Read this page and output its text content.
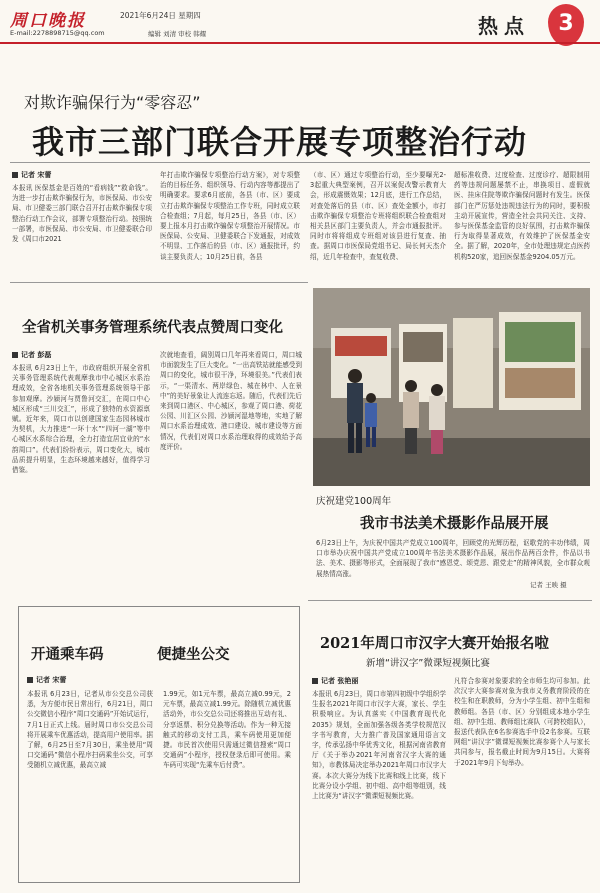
周口晚报	2021年6月24日 星期四
E-mail:2278898715@qq.com	编辑 刘清 审校 韩耀	热点	3
对欺诈骗保行为“零容忍”
我市三部门联合开展专项整治行动
记者 宋蕾
本报讯 医保基金是百姓的“看病钱”“救命钱”。为进一步打击欺诈骗保行为，市医保局、市公安局、市卫健委三部门联合召开打击欺诈骗保专项整治行动工作会议，部署专项整治行动。按照统一部署，市医保局、市公安局、市卫健委联合印发《周口市2021
年打击欺诈骗保专项整治行动方案》，对专项整治的目标任务、组织领导、行动内容等都提出了明确要求。要求6月底前，各县（市、区）要成立打击欺诈骗保专项整治工作专班，同时成立联合检查组；7月起，每月25日，各县（市、区）要上报本月打击欺诈骗保专项整治开展情况。市医保局、公安局、卫健委联合下发通报，对成效不明显、工作落后的县（市、区）通报批评，约谈主要负责人；10月25日前，各县
（市、区）通过专项整治行动，至少要曝光2-3起重大典型案例，召开以案促改警示教育大会，形成震慑效果；12月底，进行工作总结，对查处落后的县（市、区）查处金额小，市打击欺诈骗保专项整治专班将组织联合检查组对相关县区部门主要负责人，并会市通报批评。同时市将将组成专班组对该县进行复查、抽查。据周口市医保局党组书记、局长何天杰介绍，近几年检查中，查复收费、
超标准收费、过度检查、过度诊疗、超限制用药等违规问题屡禁不止，串换项目、虚假就医、挂床住院等欺诈骗保问题时有发生。医保部门在严厉惩处违规违法行为的同时，要积极主动开展宣传，营造全社会共同关注、支持、参与医保基金监管的良好氛围，打击欺诈骗保行为取得显著成效，有效维护了医保基金安全。据了解，2020年，全市处理违规定点医药机构520家，追回医保基金9204.05万元。
全省机关事务管理系统代表点赞周口变化
记者 彭磊
本报讯 6月23日上午，市政府组织开展全省机关事务管理系统代表观摩我市中心城区水系治理成效，全省各地机关事务管理系统领导干部参加观摩。沙颍河与贾鲁河交汇，在周口中心城区形成“三川交汇”，形成了独特的水资源禀赋。近年来，周口市以创建国家生态园林城市为契机，大力推进“一环十水”“四河一湖”等中心城区水系综合治理，全力打造宜居宜业的“水韵周口”。代表们纷纷表示，周口变化大，城市品质提升明显，生态环境越来越好，值得学习借鉴。
次就地查看，阔别周口几年再来看周口，周口城市面貌发生了巨大变化。“一出高铁站就能感受到周口的变化，城市很干净，环境很美。”代表们表示，“一渠清水、两岸绿色、城在林中、人在景中”的美好景象让人流连忘返。随后，代表们先后来到周口港区、中心城区，参观了周口港、荷花公园、川汇区公园、沙颍河湿地等地，实地了解周口水系治理成效、港口建设、城市建设等方面情况，代表们对周口水系治理取得的成效给予高度评价。
庆祝建党100周年
我市书法美术摄影作品展开展
6月23日上午，为庆祝中国共产党成立100周年，回顾党的光辉历程，讴歌党的丰功伟绩，周口市举办庆祝中国共产党成立100周年书法美术摄影作品展，展出作品两百余件，作品以书法、美术、摄影等形式，全面展现了我市“感恩党、颂党恩、跟党走”的精神风貌，全市群众观展热情高涨。
记者 王映 摄
开通乘车码	便捷坐公交
记者 宋蕾
本报讯 6月23日，记者从市公交总公司获悉，为方便市民日常出行，6月21日，周口公交微信小程序“周口交通码”开始试运行，7月1日正式上线。届时周口市公交总公司将开展乘车优惠活动，提高用户使用率。据了解，6月25日至7月30日，乘坐使用“周口交通码”微信小程序扫码乘坐公交，可享受随机立减优惠，最高立减
1.99元，如1元车票，最高立减0.99元，2元车票，最高立减1.99元。除随机立减优惠活动外，市公交总公司还将推出互动有礼、分享返票、积分兑换等活动。作为一种无接触式的移动支付工具，乘车码使用更加便捷。市民首次使用只需通过微信搜索“周口交通码”小程序，授权登录后即可使用。乘车码可实现“先乘车后付费”。
2021年周口市汉字大赛开始报名啦
新增“讲汉字”微课短视频比赛
记者 张艳丽
本报讯 6月23日，周口市第四初级中学组织学生报名2021年周口市汉字大赛，家长、学生积极响应。为认真落实《中国教育现代化2035》规划，全面加强各级各类学校规范汉字书写教育，大力推广普及国家通用语言文字，传承弘扬中华优秀文化，根据河南省教育厅《关于举办2021年河南省汉字大赛的通知》，市教体局决定举办2021年周口市汉字大赛。本次大赛分为线下比赛和线上比赛，线下比赛分设小学组、初中组、高中组等组别，线上比赛为“讲汉字”微课短视频比赛。
凡符合参赛对象要求的全市师生均可参加。此次汉字大赛参赛对象为我市义务教育阶段的在校生和在职教师，分为小学生组、初中生组和教师组。各县（市、区）分别组成本地小学生组、初中生组、教师组比赛队（可跨校组队），报送代表队在6名参赛选手中设2名参赛。互联网组“讲汉字”微课短视频比赛参赛个人与家长共同参与，报名截止时间为9月15日。大赛将于2021年9月下旬举办。
